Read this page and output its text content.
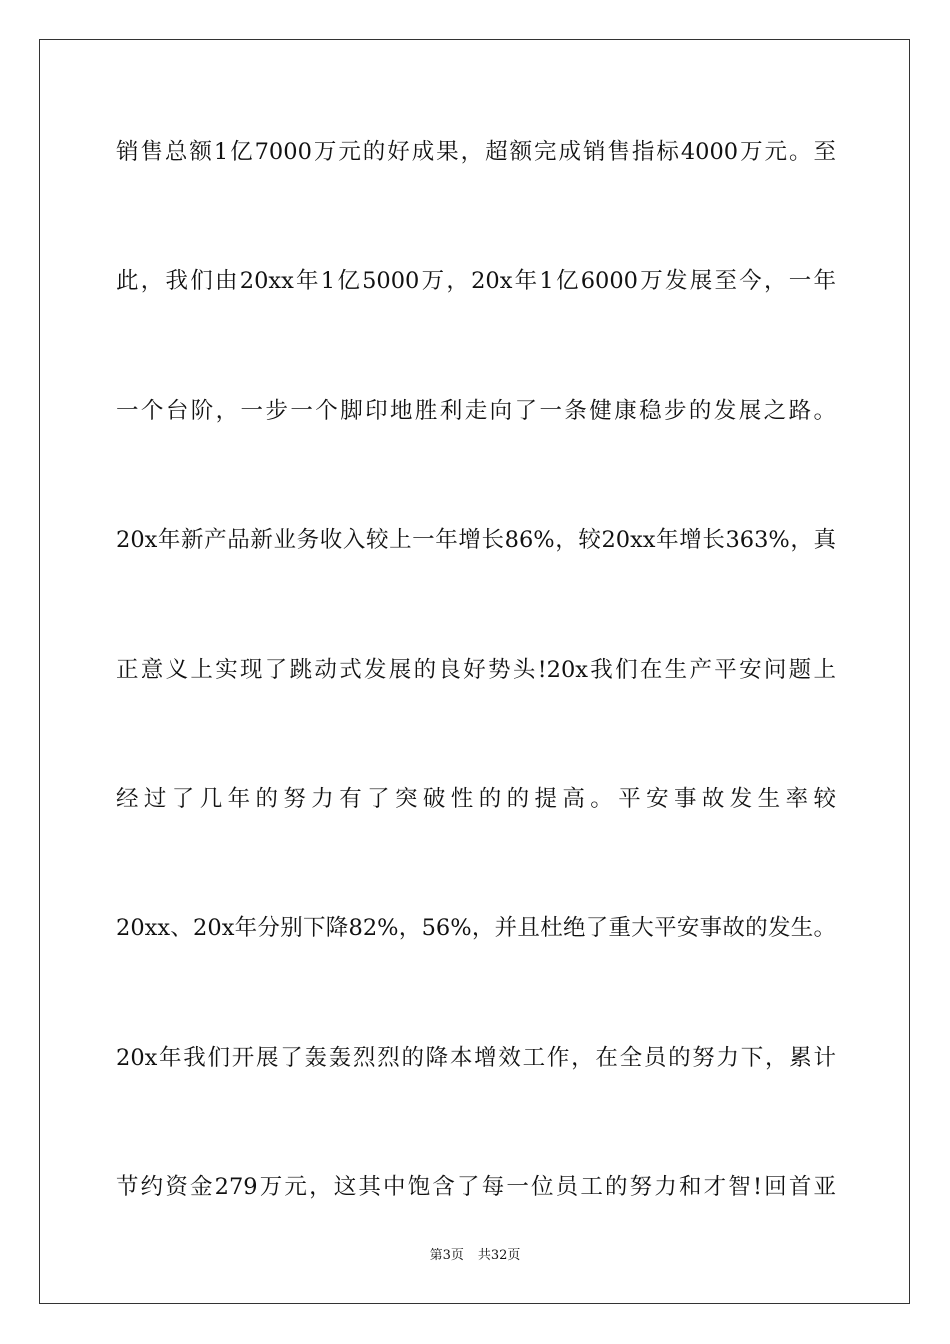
销售总额1亿7000万元的好成果，超额完成销售指标4000万元。至
此，我们由20xx年1亿5000万，20x年1亿6000万发展至今，一年
一个台阶，一步一个脚印地胜利走向了一条健康稳步的发展之路。
20x年新产品新业务收入较上一年增长86%，较20xx年增长363%，真
正意义上实现了跳动式发展的良好势头!20x我们在生产平安问题上
经过了几年的努力有了突破性的的提高。平安事故发生率较
20xx、20x年分别下降82%，56%，并且杜绝了重大平安事故的发生。
20x年我们开展了轰轰烈烈的降本增效工作，在全员的努力下，累计
节约资金279万元，这其中饱含了每一位员工的努力和才智!回首亚
第3页 共32页
